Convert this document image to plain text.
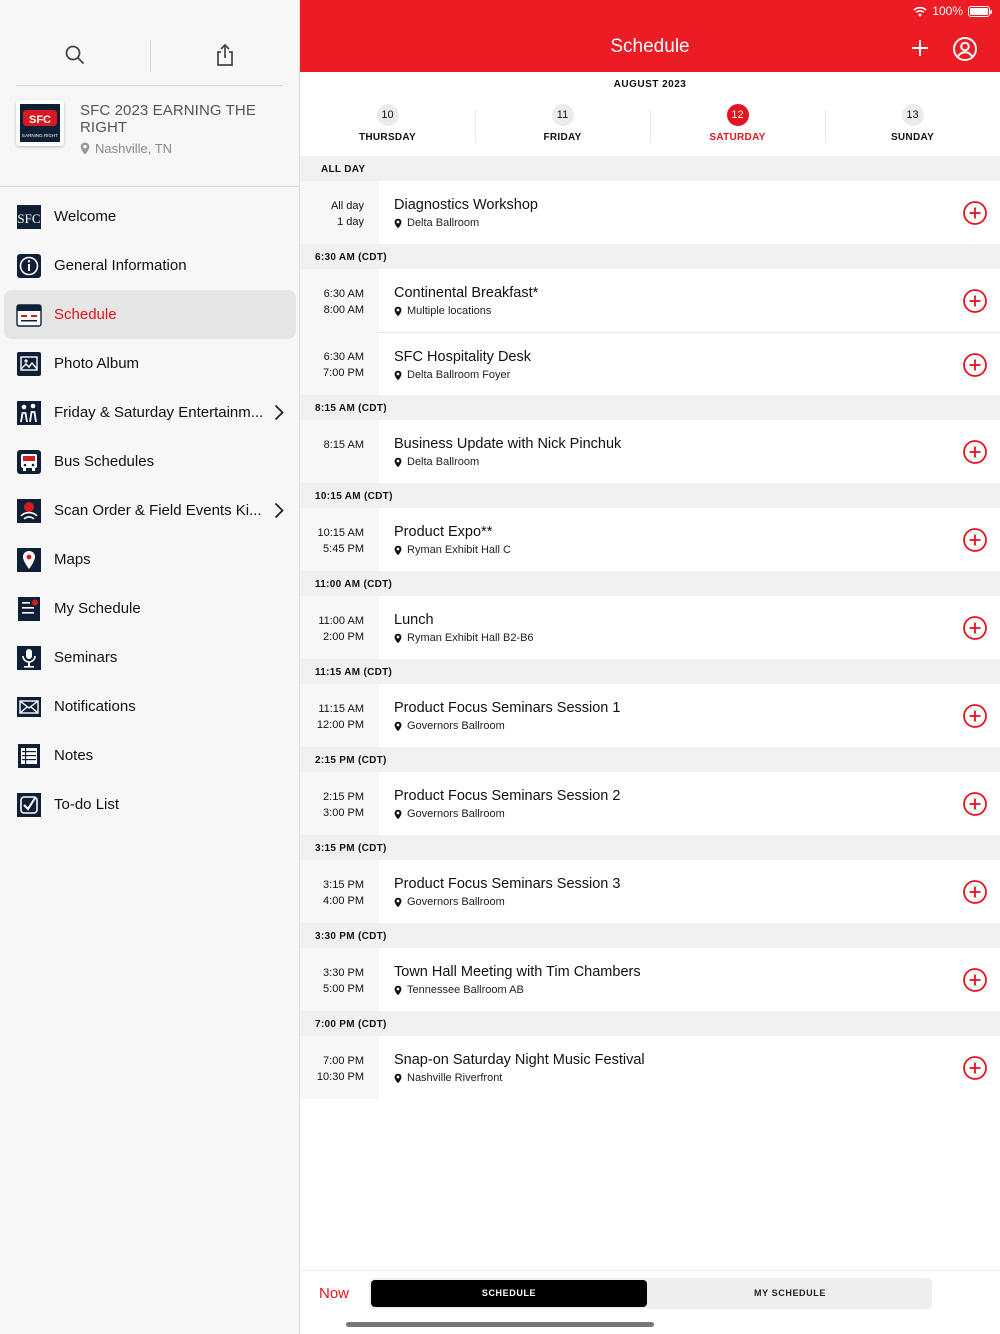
SFC
EARNING RIGHT
SFC 2023 EARNING THE RIGHT
Nashville, TN
SFC Welcome
General Information
Schedule
Photo Album
Friday & Saturday Entertainm...
Bus Schedules
Scan Order & Field Events Ki...
Maps
My Schedule
Seminars
Notifications
Notes
To-do List
100%
Schedule
AUGUST 2023
10
THURSDAY
11
FRIDAY
12
SATURDAY
13
SUNDAY
ALL DAY
All day
1 day
Diagnostics Workshop
Delta Ballroom
6:30 AM (CDT)
6:30 AM
8:00 AM
Continental Breakfast*
Multiple locations
6:30 AM
7:00 PM
SFC Hospitality Desk
Delta Ballroom Foyer
8:15 AM (CDT)
8:15 AM Business Update with Nick Pinchuk
Delta Ballroom
10:15 AM (CDT)
10:15 AM
5:45 PM
Product Expo**
Ryman Exhibit Hall C
11:00 AM (CDT)
11:00 AM
2:00 PM
Lunch
Ryman Exhibit Hall B2-B6
11:15 AM (CDT)
11:15 AM
12:00 PM
Product Focus Seminars Session 1
Governors Ballroom
2:15 PM (CDT)
2:15 PM
3:00 PM
Product Focus Seminars Session 2
Governors Ballroom
3:15 PM (CDT)
3:15 PM
4:00 PM
Product Focus Seminars Session 3
Governors Ballroom
3:30 PM (CDT)
3:30 PM
5:00 PM
Town Hall Meeting with Tim Chambers
Tennessee Ballroom AB
7:00 PM (CDT)
7:00 PM
10:30 PM
Snap-on Saturday Night Music Festival
Nashville Riverfront
Now	SCHEDULE	MY SCHEDULE
